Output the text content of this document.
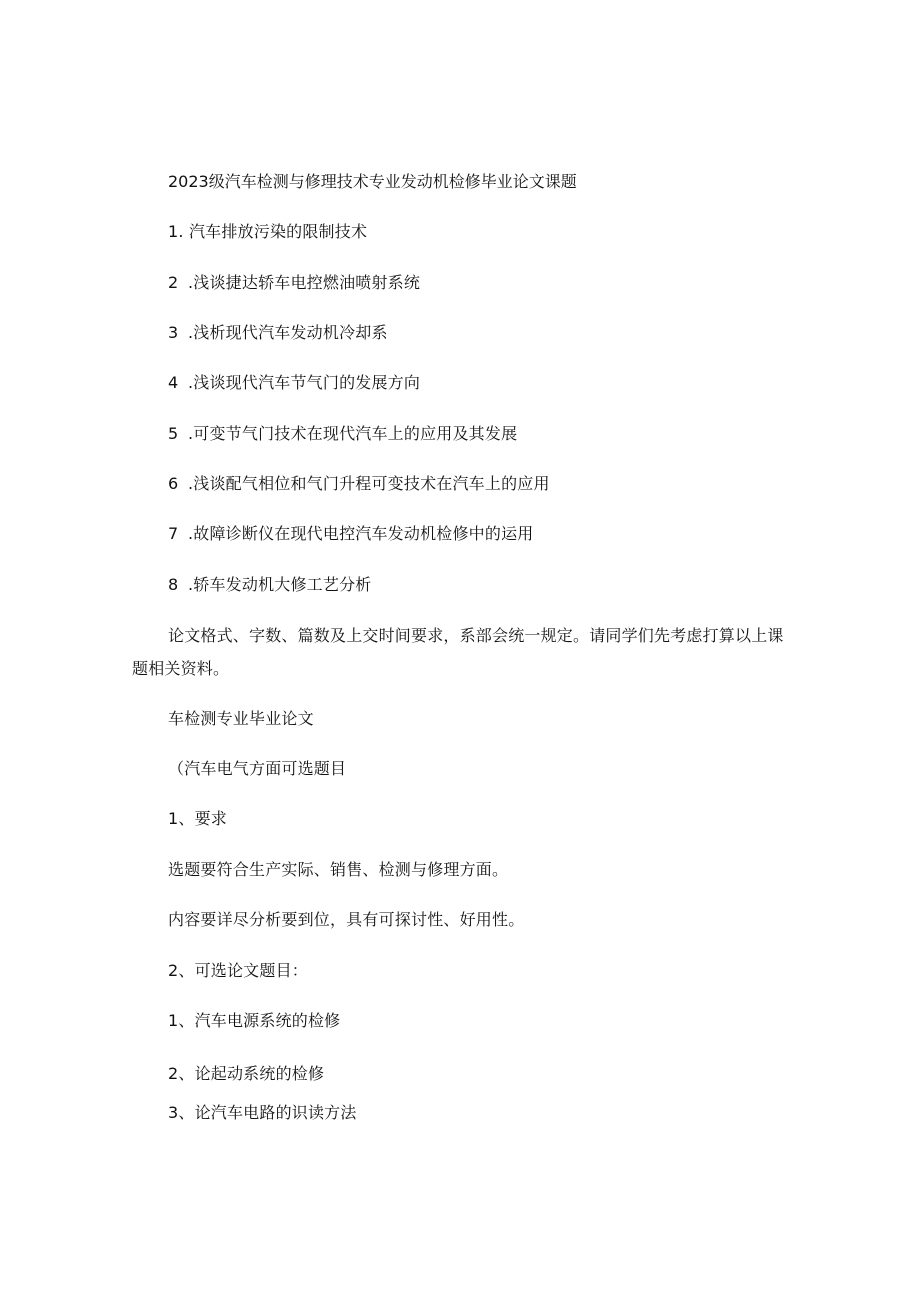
2023级汽车检测与修理技术专业发动机检修毕业论文课题
1. 汽车排放污染的限制技术
2 .浅谈捷达轿车电控燃油喷射系统
3 .浅析现代汽车发动机冷却系
4 .浅谈现代汽车节气门的发展方向
5 .可变节气门技术在现代汽车上的应用及其发展
6 .浅谈配气相位和气门升程可变技术在汽车上的应用
7 .故障诊断仪在现代电控汽车发动机检修中的运用
8 .轿车发动机大修工艺分析
论文格式、字数、篇数及上交时间要求，系部会统一规定。请同学们先考虑打算以上课题相关资料。
车检测专业毕业论文
（汽车电气方面可选题目
1、要求
选题要符合生产实际、销售、检测与修理方面。
内容要详尽分析要到位，具有可探讨性、好用性。
2、可选论文题目：
1、汽车电源系统的检修
2、论起动系统的检修
3、论汽车电路的识读方法
